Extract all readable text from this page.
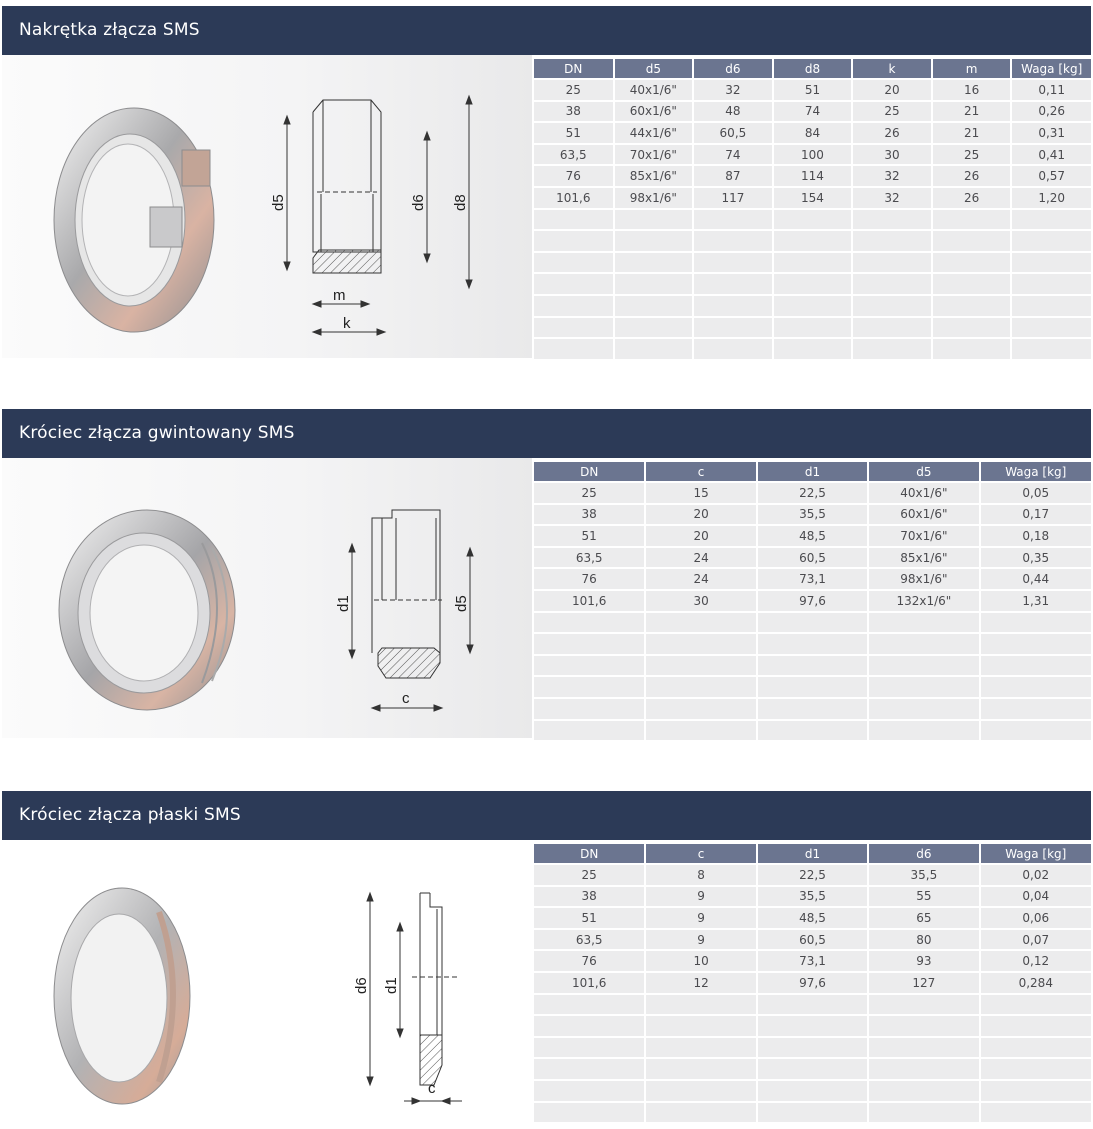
Nakrętka złącza SMS
d5	d6 d8
m
k
DN	d5	d6	d8	k	m	Waga [kg]
25	40x1/6"	32	51	20	16	0,11
38	60x1/6"	48	74	25	21	0,26
51	44x1/6"	60,5	84	26	21	0,31
63,5	70x1/6"	74	100	30	25	0,41
76	85x1/6"	87	114	32	26	0,57
101,6	98x1/6"	117	154	32	26	1,20

Króciec złącza gwintowany SMS
d1	d5
c
DN	c	d1	d5	Waga [kg]
25	15	22,5	40x1/6"	0,05
38	20	35,5	60x1/6"	0,17
51	20	48,5	70x1/6"	0,18
63,5	24	60,5	85x1/6"	0,35
76	24	73,1	98x1/6"	0,44
101,6	30	97,6	132x1/6"	1,31

Króciec złącza płaski SMS
d6 d1
c
DN	c	d1	d6	Waga [kg]
25	8	22,5	35,5	0,02
38	9	35,5	55	0,04
51	9	48,5	65	0,06
63,5	9	60,5	80	0,07
76	10	73,1	93	0,12
101,6	12	97,6	127	0,284
